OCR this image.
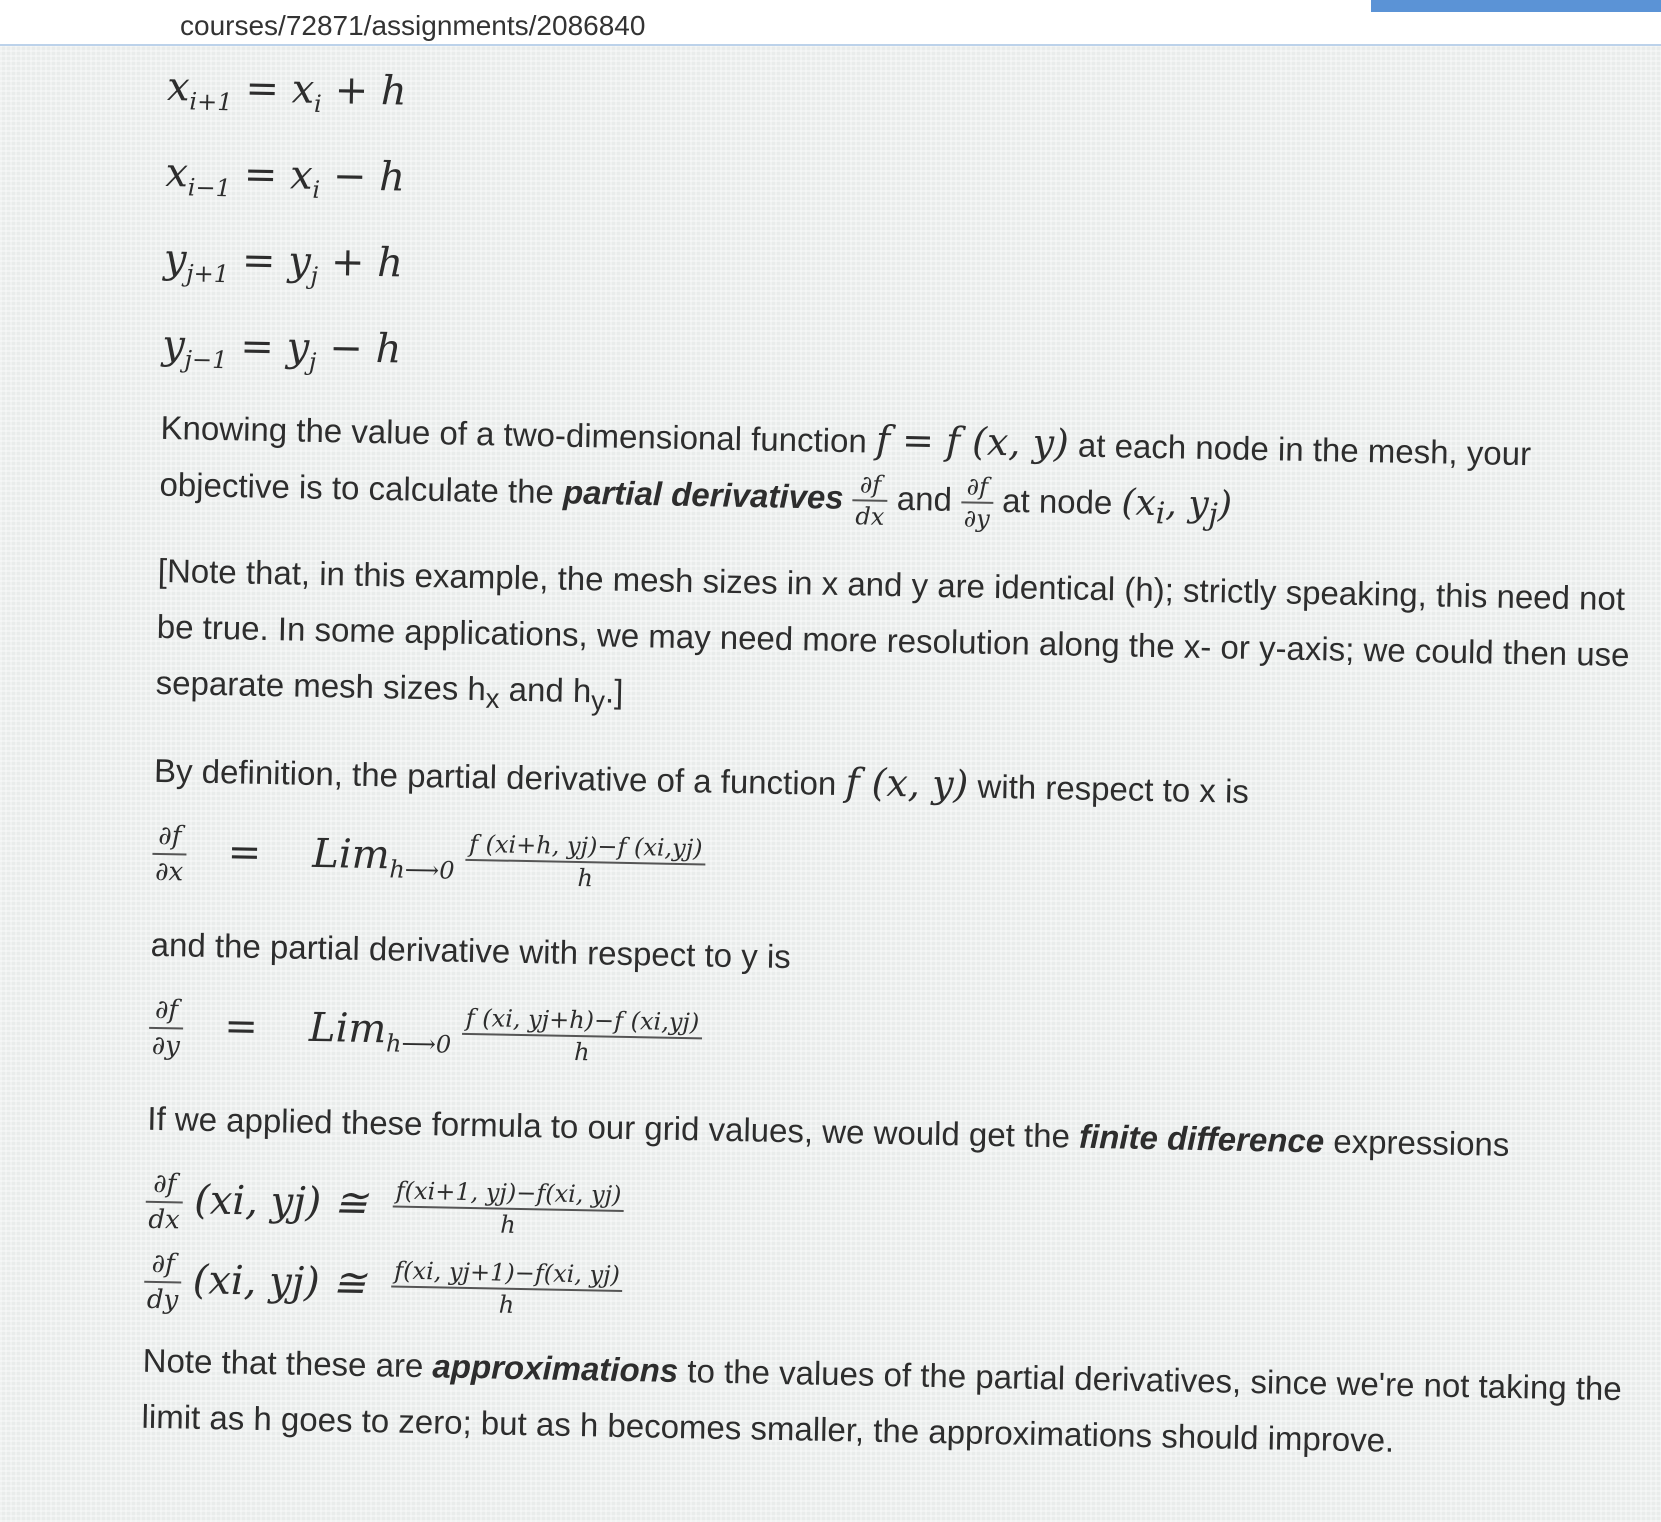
courses/72871/assignments/2086840
$x_{i+1} = x_i + h$
$x_{i-1} = x_i - h$
$y_{j+1} = y_j + h$
$y_{j-1} = y_j - h$

Knowing the value of a two-dimensional function f = f (x, y) at each node in the mesh, your objective is to calculate the partial derivatives $\frac{\partial f}{dx}$ and
$\frac{\partial f}{\partial y}$ at node ($x_i$, $y_j$)

[Note that, in this example, the mesh sizes in x and y are identical (h); strictly speaking, this need not be true. In some applications, we may need more resolution along the x- or y-axis; we could then use separate mesh sizes $h_x$ and $h_y$.]

By definition, the partial derivative of a function f (x, y) with respect to x is

$\frac{\partial f}{\partial x} = Lim_{h⟶0} \frac{f (xi+h, yj)-f (xi,yj)}{h}$

and the partial derivative with respect to y is

$\frac{\partial f}{\partial y} = Lim_{h⟶0} \frac{f (xi, yj+h)-f (xi,yj)}{h}$

If we applied these formula to our grid values, we would get the finite difference expressions

$\frac{\partial f}{dx} (xi$, yj) ≅ $\frac{f(xi+1, yj)-f(xi, yj)}{h}$
$\frac{\partial f}{dy} (xi$, yj) ≅ $\frac{f(xi, yj+1)-f(xi, yj)}{h}$

Note that these are approximations to the values of the partial derivatives, since we're not taking the limit as h goes to zero; but as h becomes smaller, the approximations should improve.
